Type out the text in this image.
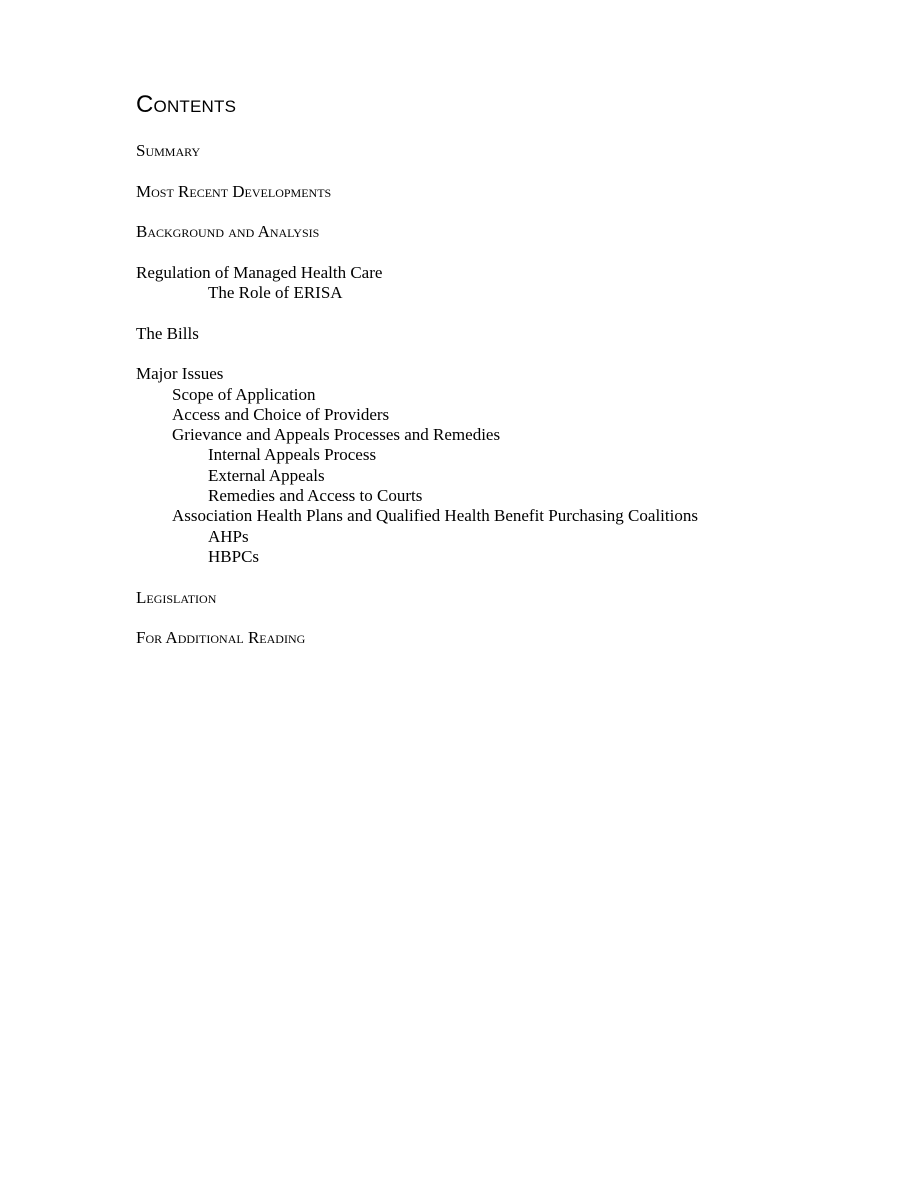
Contents
Summary
Most Recent Developments
Background and Analysis
Regulation of Managed Health Care
The Role of ERISA
The Bills
Major Issues
Scope of Application
Access and Choice of Providers
Grievance and Appeals Processes and Remedies
Internal Appeals Process
External Appeals
Remedies and Access to Courts
Association Health Plans and Qualified Health Benefit Purchasing Coalitions
AHPs
HBPCs
Legislation
For Additional Reading
